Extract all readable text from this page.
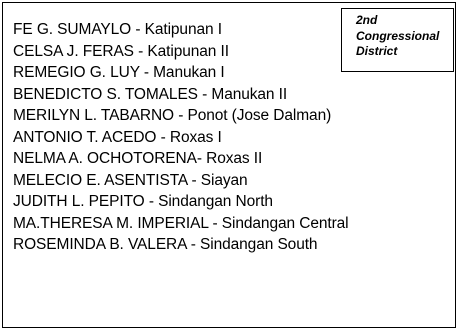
FE G. SUMAYLO - Katipunan I
CELSA J. FERAS - Katipunan II
REMEGIO G. LUY - Manukan I
BENEDICTO S. TOMALES - Manukan II
MERILYN L. TABARNO - Ponot (Jose Dalman)
ANTONIO T. ACEDO - Roxas I
NELMA A. OCHOTORENA- Roxas II
MELECIO E. ASENTISTA - Siayan
JUDITH L. PEPITO - Sindangan North
MA.THERESA M. IMPERIAL - Sindangan Central
ROSEMINDA B. VALERA - Sindangan South
2nd
Congressional
District
